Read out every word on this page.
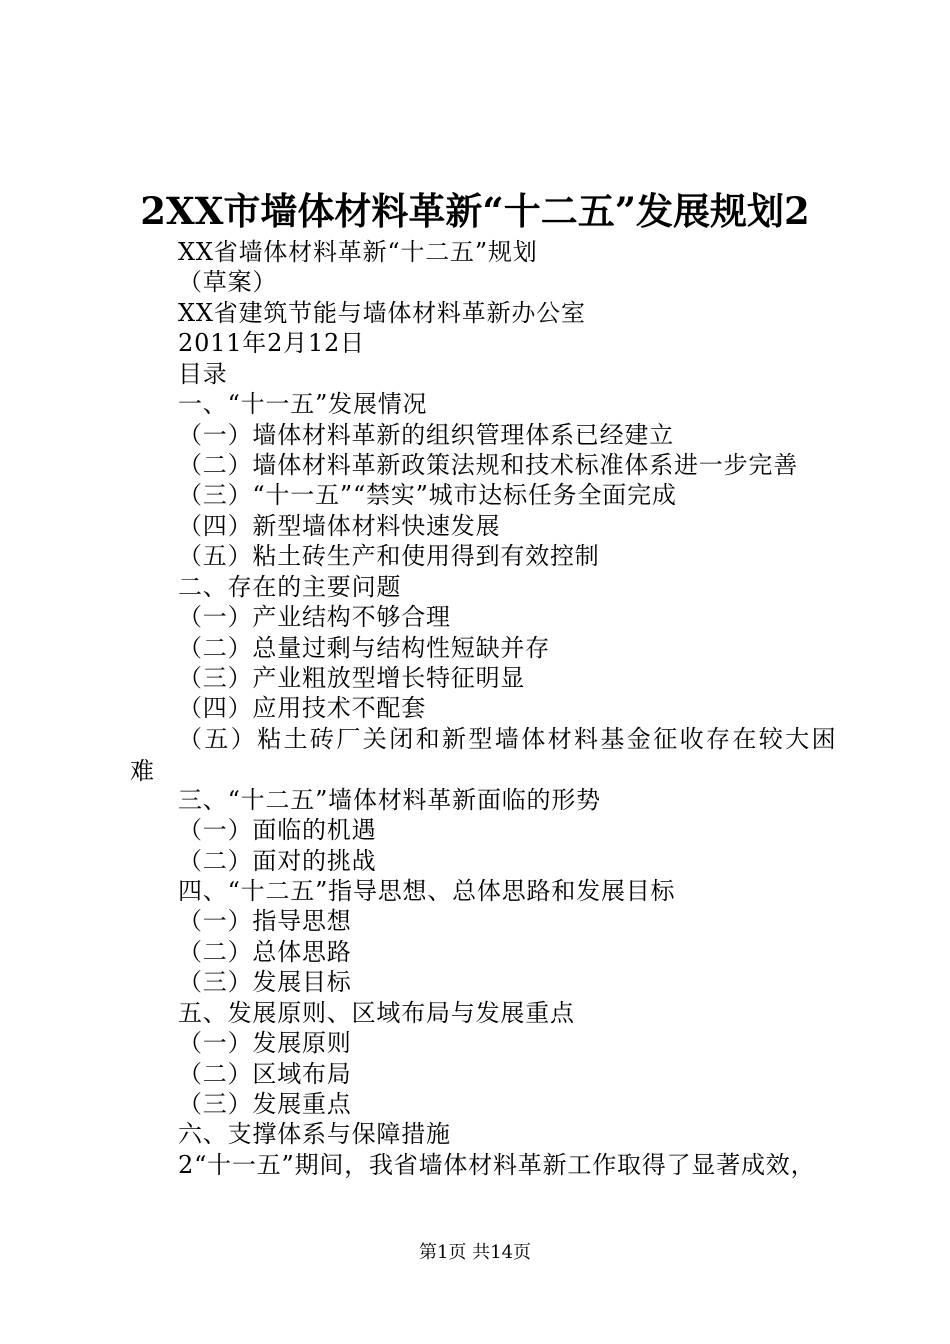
2XX市墙体材料革新“十二五”发展规划2
XX省墙体材料革新“十二五”规划
（草案）
XX省建筑节能与墙体材料革新办公室
2011年2月12日
目录
一、“十一五”发展情况
（一）墙体材料革新的组织管理体系已经建立
（二）墙体材料革新政策法规和技术标准体系进一步完善
（三）“十一五”“禁实”城市达标任务全面完成
（四）新型墙体材料快速发展
（五）粘土砖生产和使用得到有效控制
二、存在的主要问题
（一）产业结构不够合理
（二）总量过剩与结构性短缺并存
（三）产业粗放型增长特征明显
（四）应用技术不配套
（五）粘土砖厂关闭和新型墙体材料基金征收存在较大困
难
三、“十二五”墙体材料革新面临的形势
（一）面临的机遇
（二）面对的挑战
四、“十二五”指导思想、总体思路和发展目标
（一）指导思想
（二）总体思路
（三）发展目标
五、发展原则、区域布局与发展重点
（一）发展原则
（二）区域布局
（三）发展重点
六、支撑体系与保障措施
2“十一五”期间，我省墙体材料革新工作取得了显著成效，
第1页 共14页
